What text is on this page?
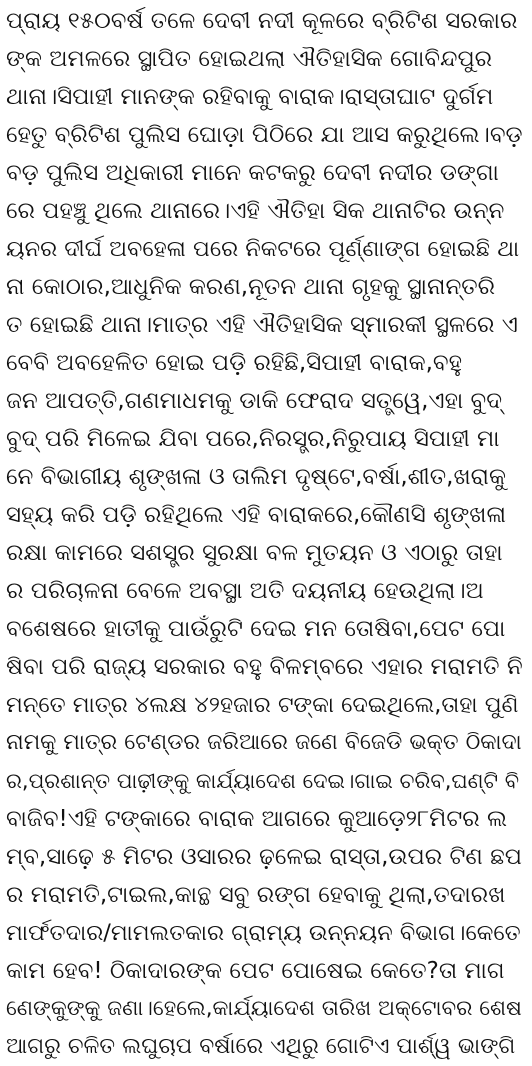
ପ୍ରାୟ ୧୫୦ବର୍ଷ ତଳେ ଦେବୀ ନଦୀ କୂଳରେ ବ୍ରିଟିଶ ସରକାର
ଙ୍କ ଅମଳରେ ସ୍ଥାପିତ ହୋଇଥଲା ଐତିହାସିକ ଗୋବିନ୍ଦପୁର
ଥାନା।ସିପାହୀ ମାନଙ୍କ ରହିବାକୁ ବାରାକ।ରାସ୍ତାଘାଟ ଦୁର୍ଗମ
ହେତୁ ବ୍ରିଟିଶ ପୁଲିସ ଘୋଡ଼ା ପିଠିରେ ଯା ଆସ କରୁଥିଲେ।ବଡ଼
ବଡ଼ ପୁଲିସ ଅଧିକାରୀ ମାନେ କଟକରୁ ଦେବୀ ନଦୀର ଡଙ୍ଗା
ରେ ପହଞ୍ଚୁ ଥିଲେ ଥାନାରେ।ଏହି ଐତିହା ସିକ ଥାନାଟିର ଉନ୍ନ
ୟନର ଦୀର୍ଘ ଅବହେଳା ପରେ ନିକଟରେ ପୂର୍ଣ୍ଣାଙ୍ଗ ହୋଇଛି ଥା
ନା କୋଠାର,ଆଧୁନିକ କରଣ,ନୂତନ ଥାନା ଗୃହକୁ ସ୍ଥାନାନ୍ତରି
ତ ହୋଇଛି ଥାନା।ମାତ୍ର ଏହି ଐତିହାସିକ ସ୍ମାରକୀ ସ୍ଥଳରେ ଏ
ବେବି ଅବହେଳିତ ହୋଇ ପଡ଼ି ରହିଛି,ସିପାହୀ ବାରାକ,ବହୁ
ଜନ ଆପତ୍ତି,ଗଣମାଧମକୁ ଡାକି ଫେରାଦ ସତ୍ତ୍ୱେ,ଏହା ବୁଦ୍
ବୁଦ୍ ପରି ମିଳେଇ ଯିବା ପରେ,ନିରସ୍ତ୍ର,ନିରୁପାୟ ସିପାହୀ ମା
ନେ ବିଭାଗୀୟ ଶୃଙ୍ଖଳା ଓ ତାଲିମ ଦୃଷ୍ଟେ,ବର୍ଷା,ଶୀତ,ଖରାକୁ
ସହ୍ୟ କରି ପଡ଼ି ରହିଥିଲେ ଏହି ବାରାକରେ,କୌଣସି ଶୃଙ୍ଖଳା
ରକ୍ଷା କାମରେ ସଶସ୍ତ୍ର ସୁରକ୍ଷା ବଳ ମୁତୟନ ଓ ଏଠାରୁ ତାହା
ର ପରିଚାଳନା ବେଳେ ଅବସ୍ଥା ଅତି ଦୟନୀୟ ହେଉଥିଲା।ଅ
ବଶେଷରେ ହାତୀକୁ ପାଉଁରୁଟି ଦେଇ ମନ ତୋଷିବା,ପେଟ ପୋ
ଷିବା ପରି ରାଜ୍ୟ ସରକାର ବହୁ ବିଳମ୍ବରେ ଏହାର ମରାମତି ନି
ମନ୍ତେ ମାତ୍ର ୪ଲକ୍ଷ ୪୨ହଜାର ଟଙ୍କା ଦେଇଥିଲେ,ତାହା ପୁଣି
ନାମକୁ ମାତ୍ର ଟେଣ୍ଡର ଜରିଆରେ ଜଣେ ବିଜେଡି ଭକ୍ତ ଠିକାଦା
ର,ପ୍ରଶାନ୍ତ ପାଢ଼ୀଙ୍କୁ କାର୍ଯ୍ୟାଦେଶ ଦେଇ।ଗାଇ ଚରିବ,ଘଣ୍ଟି ବି
ବାଜିବ!ଏହି ଟଙ୍କାରେ ବାରାକ ଆଗରେ କୁଆଡ଼େ୨୮ମିଟର ଲ
ମ୍ବ,ସାଢ଼େ ୫ ମିଟର ଓସାରର ଢ଼ଳେଇ ରାସ୍ତା,ଉପର ଟିଣ ଛପ
ର ମରାମତି,ଟାଇଲ,କାନ୍ଥ ସବୁ ରଙ୍ଗ ହେବାକୁ ଥିଲା,ତଦାରଖ
ମାର୍ଫତଦାର/ମାମଲତକାର ଗ୍ରାମ୍ୟ ଉନ୍ନୟନ ବିଭାଗ।କେତେ
କାମ ହେବ! ଠିକାଦାରଙ୍କ ପେଟ ପୋଷେଇ କେତେ?ତା ମାଗ
ଣେଙ୍କୁଙ୍କୁ ଜଣା।ହେଲେ,କାର୍ଯ୍ୟାଦେଶ ତାରିଖ ଅକ୍ଟୋବର ଶେଷ
ଆଗରୁ ଚଳିତ ଲଘୁଚାପ ବର୍ଷାରେ ଏଥିରୁ ଗୋଟିଏ ପାର୍ଶ୍ୱ ଭାଙ୍ଗି
